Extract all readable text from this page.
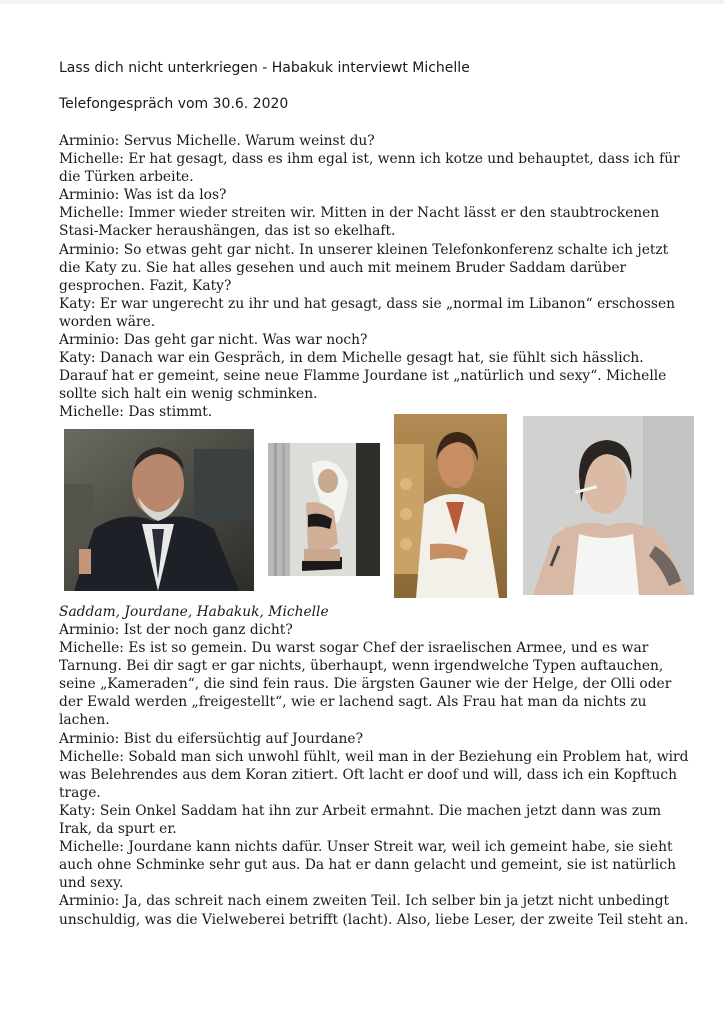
Lass dich nicht unterkriegen - Habakuk interviewt Michelle
Telefongespräch vom 30.6. 2020

Arminio: Servus Michelle. Warum weinst du?

Michelle: Er hat gesagt, dass es ihm egal ist, wenn ich kotze und behauptet, dass ich für die Türken arbeite.

Arminio: Was ist da los?

Michelle: Immer wieder streiten wir. Mitten in der Nacht lässt er den staubtrockenen Stasi-Macker heraushängen, das ist so ekelhaft.

Arminio: So etwas geht gar nicht. In unserer kleinen Telefonkonferenz schalte ich jetzt die Katy zu. Sie hat alles gesehen und auch mit meinem Bruder Saddam darüber gesprochen. Fazit, Katy?

Katy: Er war ungerecht zu ihr und hat gesagt, dass sie „normal im Libanon“ erschossen worden wäre.

Arminio: Das geht gar nicht. Was war noch?

Katy: Danach war ein Gespräch, in dem Michelle gesagt hat, sie fühlt sich hässlich. Darauf hat er gemeint, seine neue Flamme Jourdane ist „natürlich und sexy“. Michelle sollte sich halt ein wenig schminken.

Michelle: Das stimmt.

Saddam, Jourdane, Habakuk, Michelle

Arminio: Ist der noch ganz dicht?

Michelle: Es ist so gemein. Du warst sogar Chef der israelischen Armee, und es war Tarnung. Bei dir sagt er gar nichts, überhaupt, wenn irgendwelche Typen auftauchen, seine „Kameraden“, die sind fein raus. Die ärgsten Gauner wie der Helge, der Olli oder der Ewald werden „freigestellt“, wie er lachend sagt. Als Frau hat man da nichts zu lachen.

Arminio: Bist du eifersüchtig auf Jourdane?

Michelle: Sobald man sich unwohl fühlt, weil man in der Beziehung ein Problem hat, wird was Belehrendes aus dem Koran zitiert. Oft lacht er doof und will, dass ich ein Kopftuch trage.

Katy: Sein Onkel Saddam hat ihn zur Arbeit ermahnt. Die machen jetzt dann was zum Irak, da spurt er.

Michelle: Jourdane kann nichts dafür. Unser Streit war, weil ich gemeint habe, sie sieht auch ohne Schminke sehr gut aus. Da hat er dann gelacht und gemeint, sie ist natürlich und sexy.

Arminio: Ja, das schreit nach einem zweiten Teil. Ich selber bin ja jetzt nicht unbedingt unschuldig, was die Vielweberei betrifft (lacht). Also, liebe Leser, der zweite Teil steht an.
